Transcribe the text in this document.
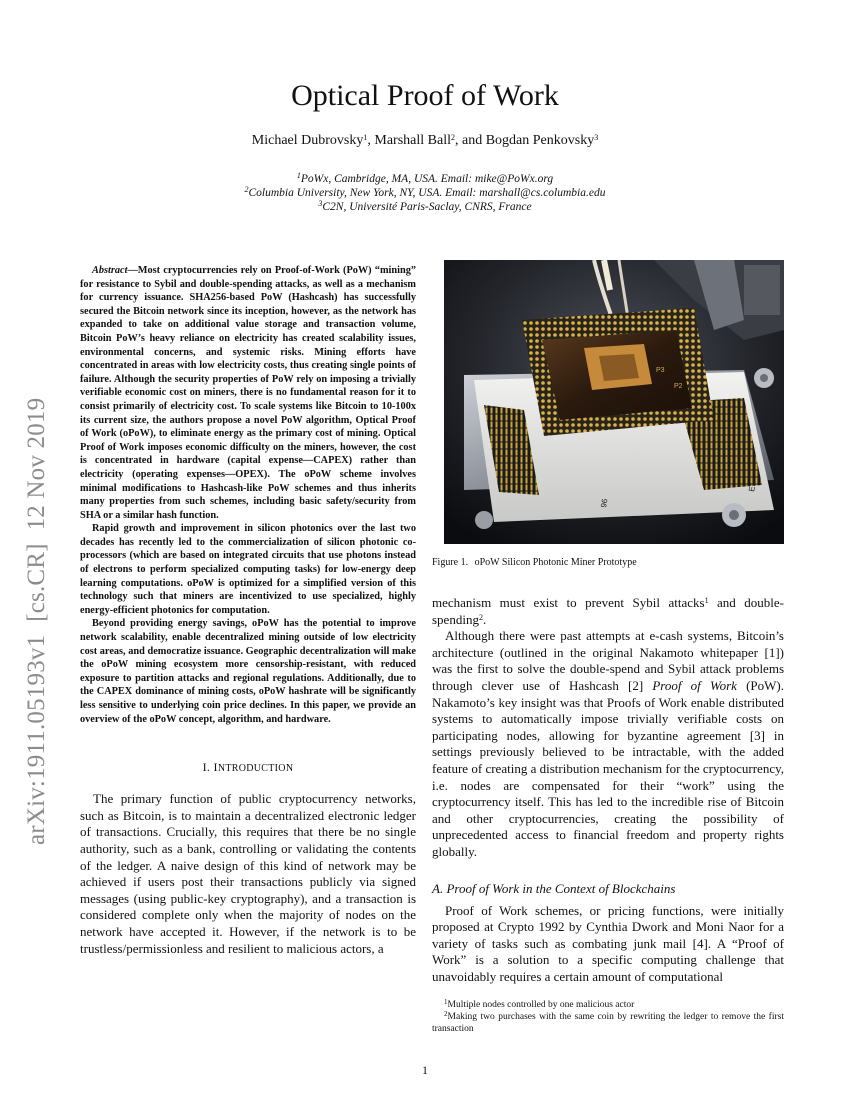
arXiv:1911.05193v1  [cs.CR]  12 Nov 2019
Optical Proof of Work
Michael Dubrovsky$^1$, Marshall Ball$^2$, and Bogdan Penkovsky$^3$
$^1$PoWx, Cambridge, MA, USA. Email: mike@PoWx.org
$^2$Columbia University, New York, NY, USA. Email: marshall@cs.columbia.edu
$^3$C2N, Université Paris-Saclay, CNRS, France

Abstract—Most cryptocurrencies rely on Proof-of-Work (PoW) “mining” for resistance to Sybil and double-spending attacks, as well as a mechanism for currency issuance. SHA256-based PoW (Hashcash) has successfully secured the Bitcoin network since its inception, however, as the network has expanded to take on additional value storage and transaction volume, Bitcoin PoW’s heavy reliance on electricity has created scalability issues, environmental concerns, and systemic risks. Mining efforts have concentrated in areas with low electricity costs, thus creating single points of failure. Although the security properties of PoW rely on imposing a trivially verifiable economic cost on miners, there is no fundamental reason for it to consist primarily of electricity cost. To scale systems like Bitcoin to 10-100x its current size, the authors propose a novel PoW algorithm, Optical Proof of Work (oPoW), to eliminate energy as the primary cost of mining. Optical Proof of Work imposes economic difficulty on the miners, however, the cost is concentrated in hardware (capital expense—CAPEX) rather than electricity (operating expenses—OPEX). The oPoW scheme involves minimal modifications to Hashcash-like PoW schemes and thus inherits many properties from such schemes, including basic safety/security from SHA or a similar hash function.

Rapid growth and improvement in silicon photonics over the last two decades has recently led to the commercialization of silicon photonic co-processors (which are based on integrated circuits that use photons instead of electrons to perform specialized computing tasks) for low-energy deep learning computations. oPoW is optimized for a simplified version of this technology such that miners are incentivized to use specialized, highly energy-efficient photonics for computation.

Beyond providing energy savings, oPoW has the potential to improve network scalability, enable decentralized mining outside of low electricity cost areas, and democratize issuance. Geographic decentralization will make the oPoW mining ecosystem more censorship-resistant, with reduced exposure to partition attacks and regional regulations. Additionally, due to the CAPEX dominance of mining costs, oPoW hashrate will be significantly less sensitive to underlying coin price declines. In this paper, we provide an overview of the oPoW concept, algorithm, and hardware.

I. INTRODUCTION

The primary function of public cryptocurrency networks, such as Bitcoin, is to maintain a decentralized electronic ledger of transactions. Crucially, this requires that there be no single authority, such as a bank, controlling or validating the contents of the ledger. A naive design of this kind of network may be achieved if users post their transactions publicly via signed messages (using public-key cryptography), and a transaction is considered complete only when the majority of nodes on the network have accepted it. However, if the network is to be trustless/permissionless and resilient to malicious actors, a

P3
P2
96
E1
Figure 1. oPoW Silicon Photonic Miner Prototype

mechanism must exist to prevent Sybil attacks$^1$ and double-spending$^2$.

Although there were past attempts at e-cash systems, Bitcoin’s architecture (outlined in the original Nakamoto whitepaper [1]) was the first to solve the double-spend and Sybil attack problems through clever use of Hashcash [2] Proof of Work (PoW). Nakamoto’s key insight was that Proofs of Work enable distributed systems to automatically impose trivially verifiable costs on participating nodes, allowing for byzantine agreement [3] in settings previously believed to be intractable, with the added feature of creating a distribution mechanism for the cryptocurrency, i.e. nodes are compensated for their “work” using the cryptocurrency itself. This has led to the incredible rise of Bitcoin and other cryptocurrencies, creating the possibility of unprecedented access to financial freedom and property rights globally.

A. Proof of Work in the Context of Blockchains

Proof of Work schemes, or pricing functions, were initially proposed at Crypto 1992 by Cynthia Dwork and Moni Naor for a variety of tasks such as combating junk mail [4]. A “Proof of Work” is a solution to a specific computing challenge that unavoidably requires a certain amount of computational

$^1$Multiple nodes controlled by one malicious actor

$^2$Making two purchases with the same coin by rewriting the ledger to remove the first transaction

1
